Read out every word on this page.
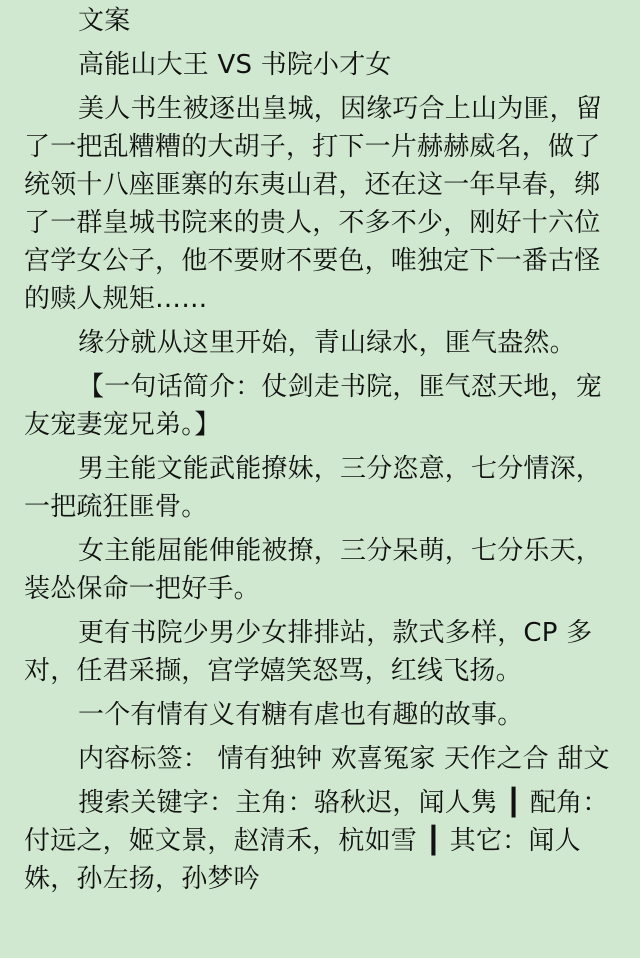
文案

高能山大王 VS 书院小才女

美人书生被逐出皇城，因缘巧合上山为匪，留了一把乱糟糟的大胡子，打下一片赫赫威名，做了统领十八座匪寨的东夷山君，还在这一年早春，绑了一群皇城书院来的贵人，不多不少，刚好十六位宫学女公子，他不要财不要色，唯独定下一番古怪的赎人规矩……

缘分就从这里开始，青山绿水，匪气盎然。

【一句话简介：仗剑走书院，匪气怼天地，宠友宠妻宠兄弟。】

男主能文能武能撩妹，三分恣意，七分情深，一把疏狂匪骨。

女主能屈能伸能被撩，三分呆萌，七分乐天，装怂保命一把好手。

更有书院少男少女排排站，款式多样，CP 多对，任君采撷，宫学嬉笑怒骂，红线飞扬。

一个有情有义有糖有虐也有趣的故事。

内容标签： 情有独钟 欢喜冤家 天作之合 甜文

搜索关键字：主角：骆秋迟，闻人隽 ┃ 配角：付远之，姬文景，赵清禾，杭如雪 ┃ 其它：闻人姝，孙左扬，孙梦吟
